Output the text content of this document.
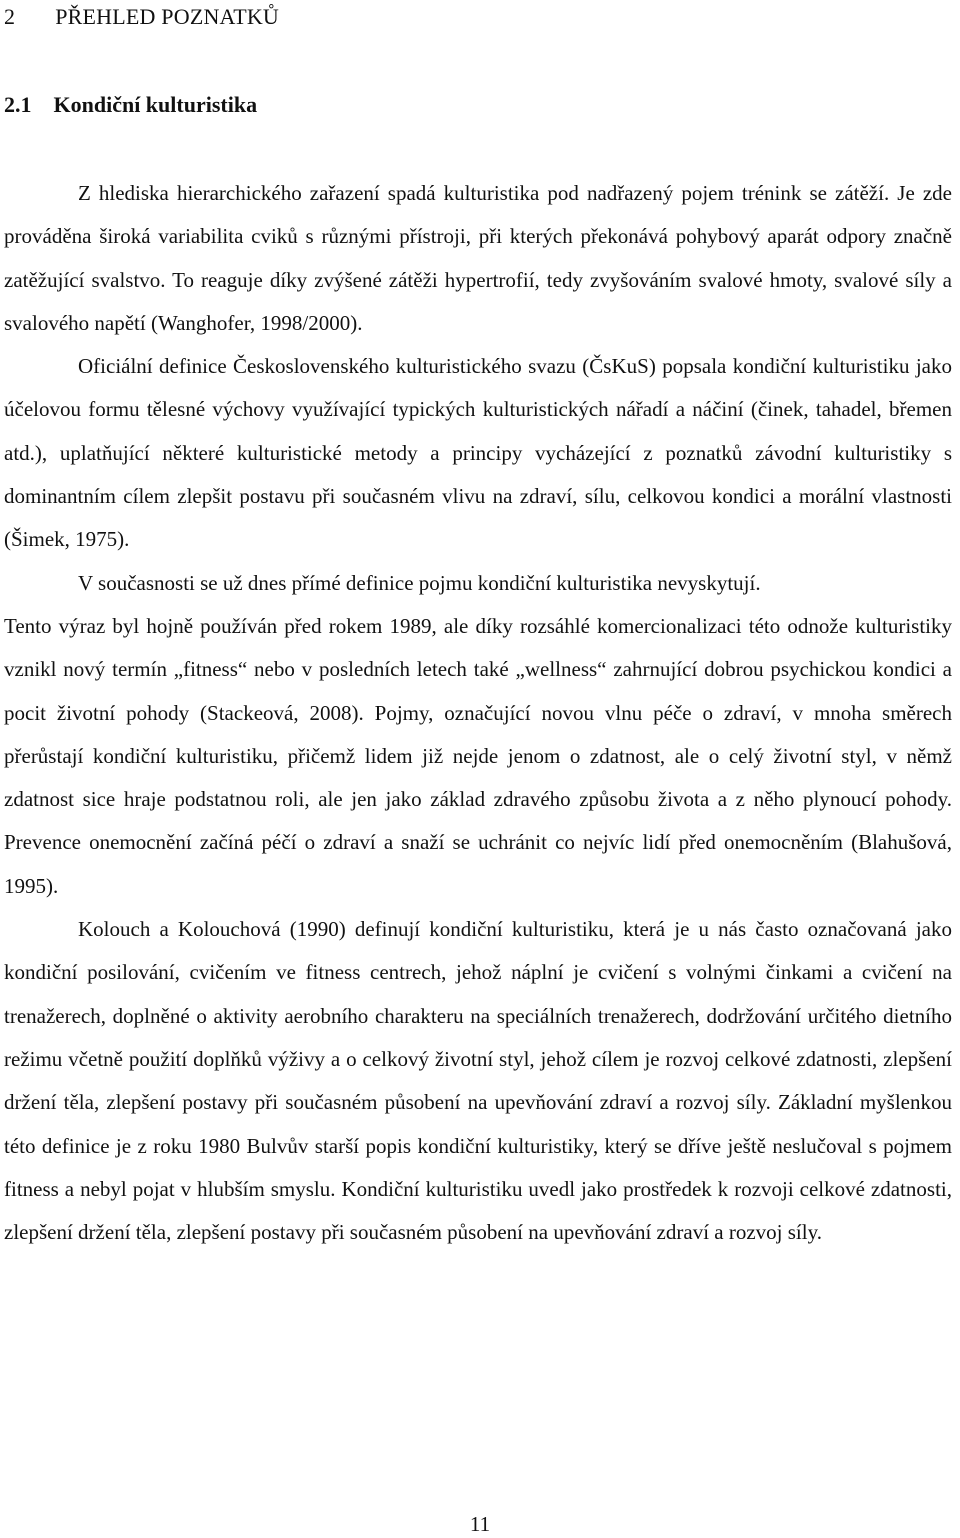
2 PŘEHLED POZNATKŮ
2.1 Kondiční kulturistika

Z hlediska hierarchického zařazení spadá kulturistika pod nadřazený pojem trénink se zátěží. Je zde prováděna široká variabilita cviků s různými přístroji, při kterých překonává pohybový aparát odpory značně zatěžující svalstvo. To reaguje díky zvýšené zátěži hypertrofií, tedy zvyšováním svalové hmoty, svalové síly a svalového napětí (Wanghofer, 1998/2000).

Oficiální definice Československého kulturistického svazu (ČsKuS) popsala kondiční kulturistiku jako účelovou formu tělesné výchovy využívající typických kulturistických nářadí a náčiní (činek, tahadel, břemen atd.), uplatňující některé kulturistické metody a principy vycházející z poznatků závodní kulturistiky s dominantním cílem zlepšit postavu při současném vlivu na zdraví, sílu, celkovou kondici a morální vlastnosti (Šimek, 1975).

V současnosti se už dnes přímé definice pojmu kondiční kulturistika nevyskytují.

Tento výraz byl hojně používán před rokem 1989, ale díky rozsáhlé komercionalizaci této odnože kulturistiky vznikl nový termín „fitness“ nebo v posledních letech také „wellness“ zahrnující dobrou psychickou kondici a pocit životní pohody (Stackeová, 2008). Pojmy, označující novou vlnu péče o zdraví, v mnoha směrech přerůstají kondiční kulturistiku, přičemž lidem již nejde jenom o zdatnost, ale o celý životní styl, v němž zdatnost sice hraje podstatnou roli, ale jen jako základ zdravého způsobu života a z něho plynoucí pohody. Prevence onemocnění začíná péčí o zdraví a snaží se uchránit co nejvíc lidí před onemocněním (Blahušová, 1995).

Kolouch a Kolouchová (1990) definují kondiční kulturistiku, která je u nás často označovaná jako kondiční posilování, cvičením ve fitness centrech, jehož náplní je cvičení s volnými činkami a cvičení na trenažerech, doplněné o aktivity aerobního charakteru na speciálních trenažerech, dodržování určitého dietního režimu včetně použití doplňků výživy a o celkový životní styl, jehož cílem je rozvoj celkové zdatnosti, zlepšení držení těla, zlepšení postavy při současném působení na upevňování zdraví a rozvoj síly. Základní myšlenkou této definice je z roku 1980 Bulvův starší popis kondiční kulturistiky, který se dříve ještě neslučoval s pojmem fitness a nebyl pojat v hlubším smyslu. Kondiční kulturistiku uvedl jako prostředek k rozvoji celkové zdatnosti, zlepšení držení těla, zlepšení postavy při současném působení na upevňování zdraví a rozvoj síly.

11
